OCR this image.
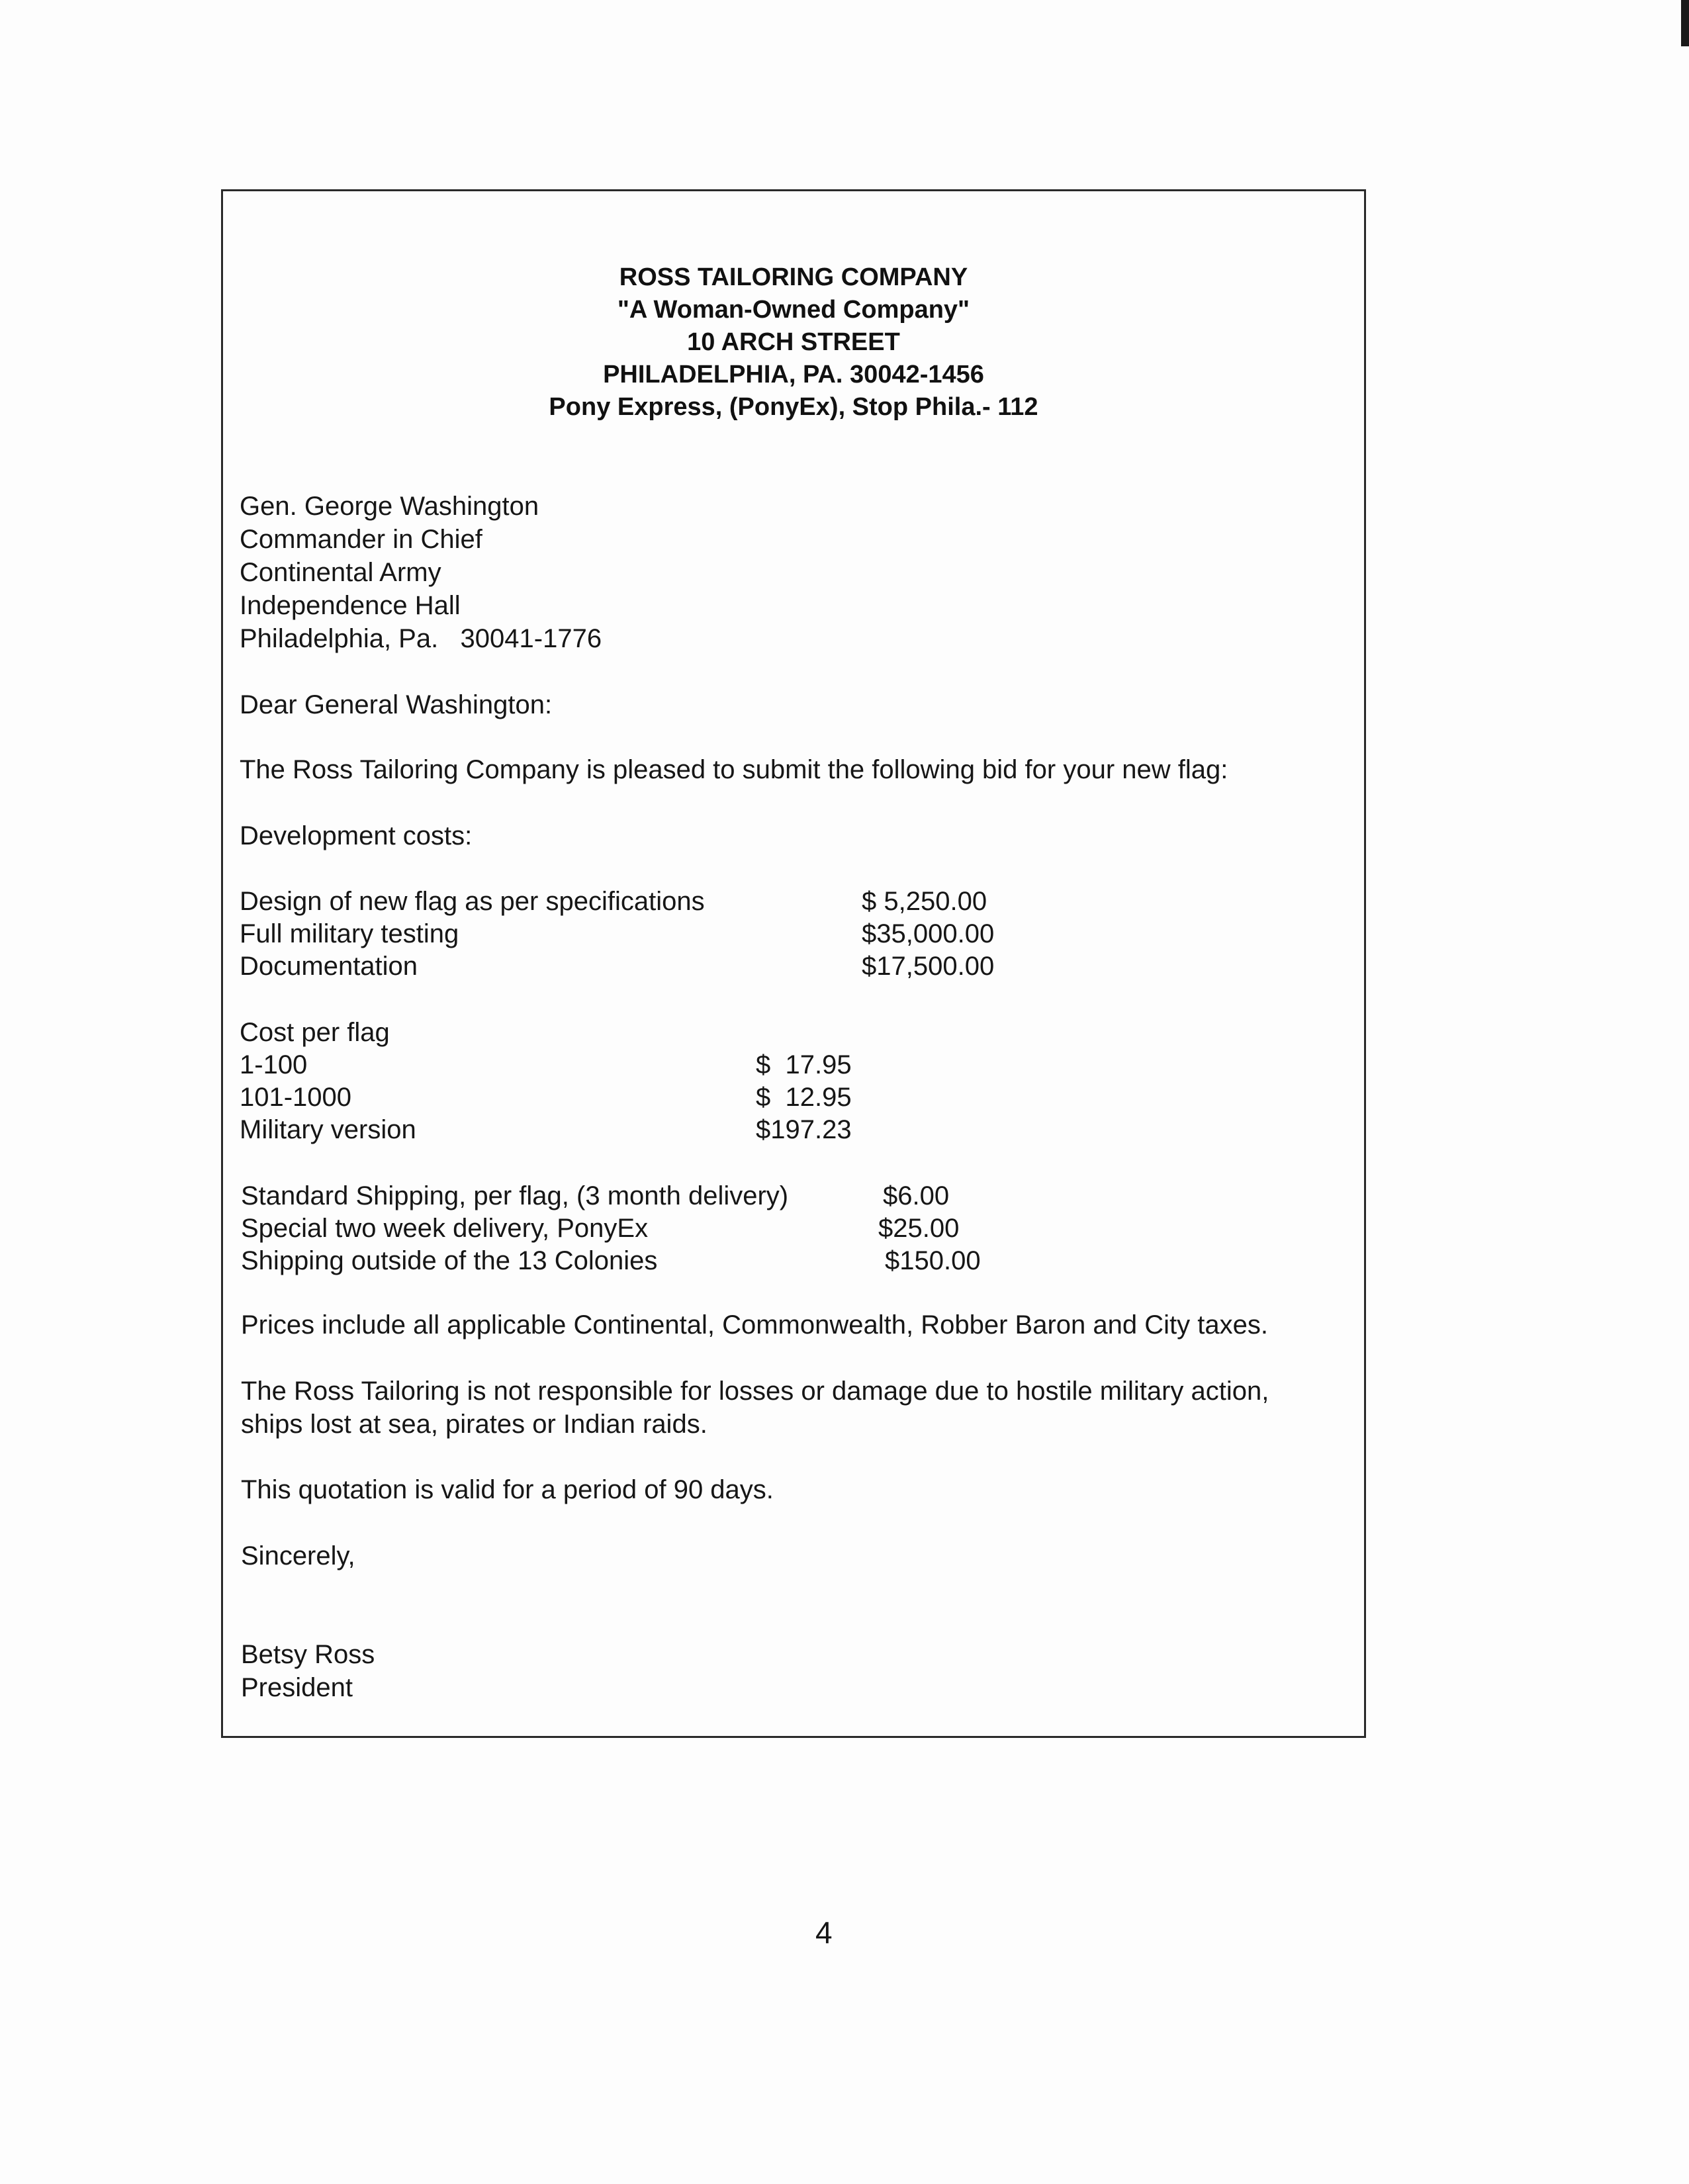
ROSS TAILORING COMPANY
"A Woman-Owned Company"
10 ARCH STREET
PHILADELPHIA, PA. 30042-1456
Pony Express, (PonyEx), Stop Phila.- 112
Gen. George Washington
Commander in Chief
Continental Army
Independence Hall
Philadelphia, Pa.   30041-1776
Dear General Washington:
The Ross Tailoring Company is pleased to submit the following bid for your new flag:
Development costs:
Design of new flag as per specifications	$ 5,250.00
Full military testing	$35,000.00
Documentation	$17,500.00
Cost per flag
1-100	$  17.95
101-1000	$  12.95
Military version	$197.23
Standard Shipping, per flag, (3 month delivery)	$6.00
Special two week delivery, PonyEx	$25.00
Shipping outside of the 13 Colonies	$150.00
Prices include all applicable Continental, Commonwealth, Robber Baron and City taxes.
The Ross Tailoring is not responsible for losses or damage due to hostile military action,
ships lost at sea, pirates or Indian raids.
This quotation is valid for a period of 90 days.
Sincerely,
Betsy Ross
President
4
